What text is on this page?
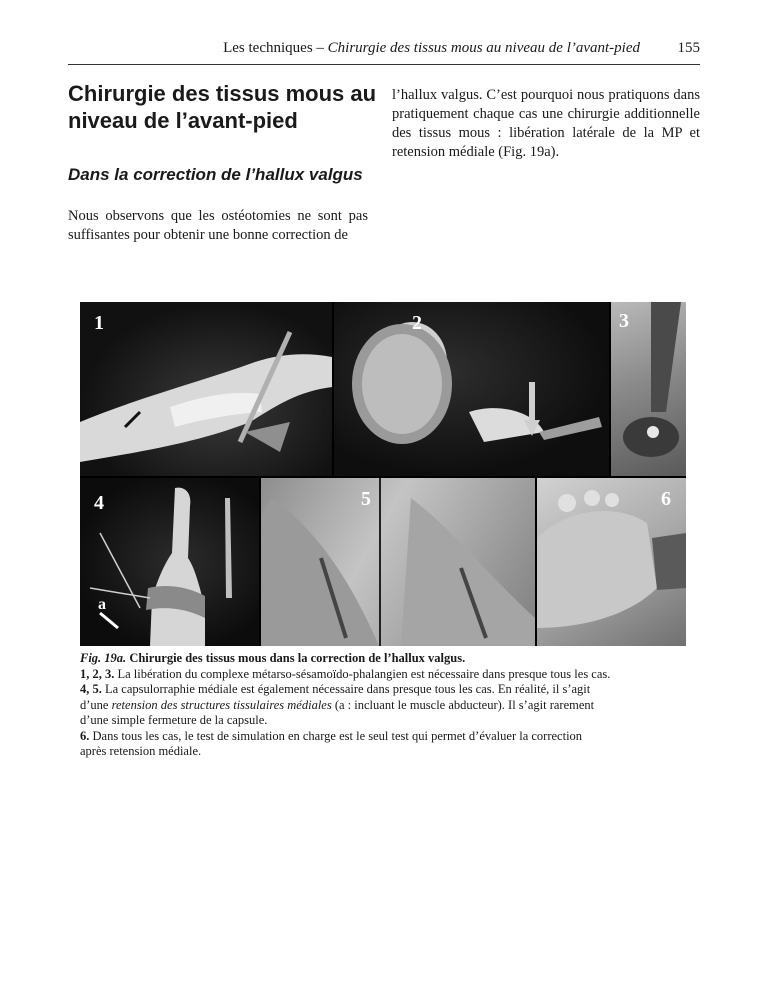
Les techniques – Chirurgie des tissus mous au niveau de l’avant-pied	155
Chirurgie des tissus mous au niveau de l’avant-pied
Dans la correction de l’hallux valgus

Nous observons que les ostéotomies ne sont pas suffisantes pour obtenir une bonne correction de

l’hallux valgus. C’est pourquoi nous pratiquons dans pratiquement chaque cas une chirurgie additionnelle des tissus mous : libération latérale de la MP et retension médiale (Fig. 19a).

1	2	3
4
a
5	6

Fig. 19a. Chirurgie des tissus mous dans la correction de l’hallux valgus.
1, 2, 3. La libération du complexe métarso-sésamoïdo-phalangien est nécessaire dans presque tous les cas.
4, 5. La capsulorraphie médiale est également nécessaire dans presque tous les cas. En réalité, il s’agit
d’une retension des structures tissulaires médiales (a : incluant le muscle abducteur). Il s’agit rarement
d’une simple fermeture de la capsule.
6. Dans tous les cas, le test de simulation en charge est le seul test qui permet d’évaluer la correction
après retension médiale.
